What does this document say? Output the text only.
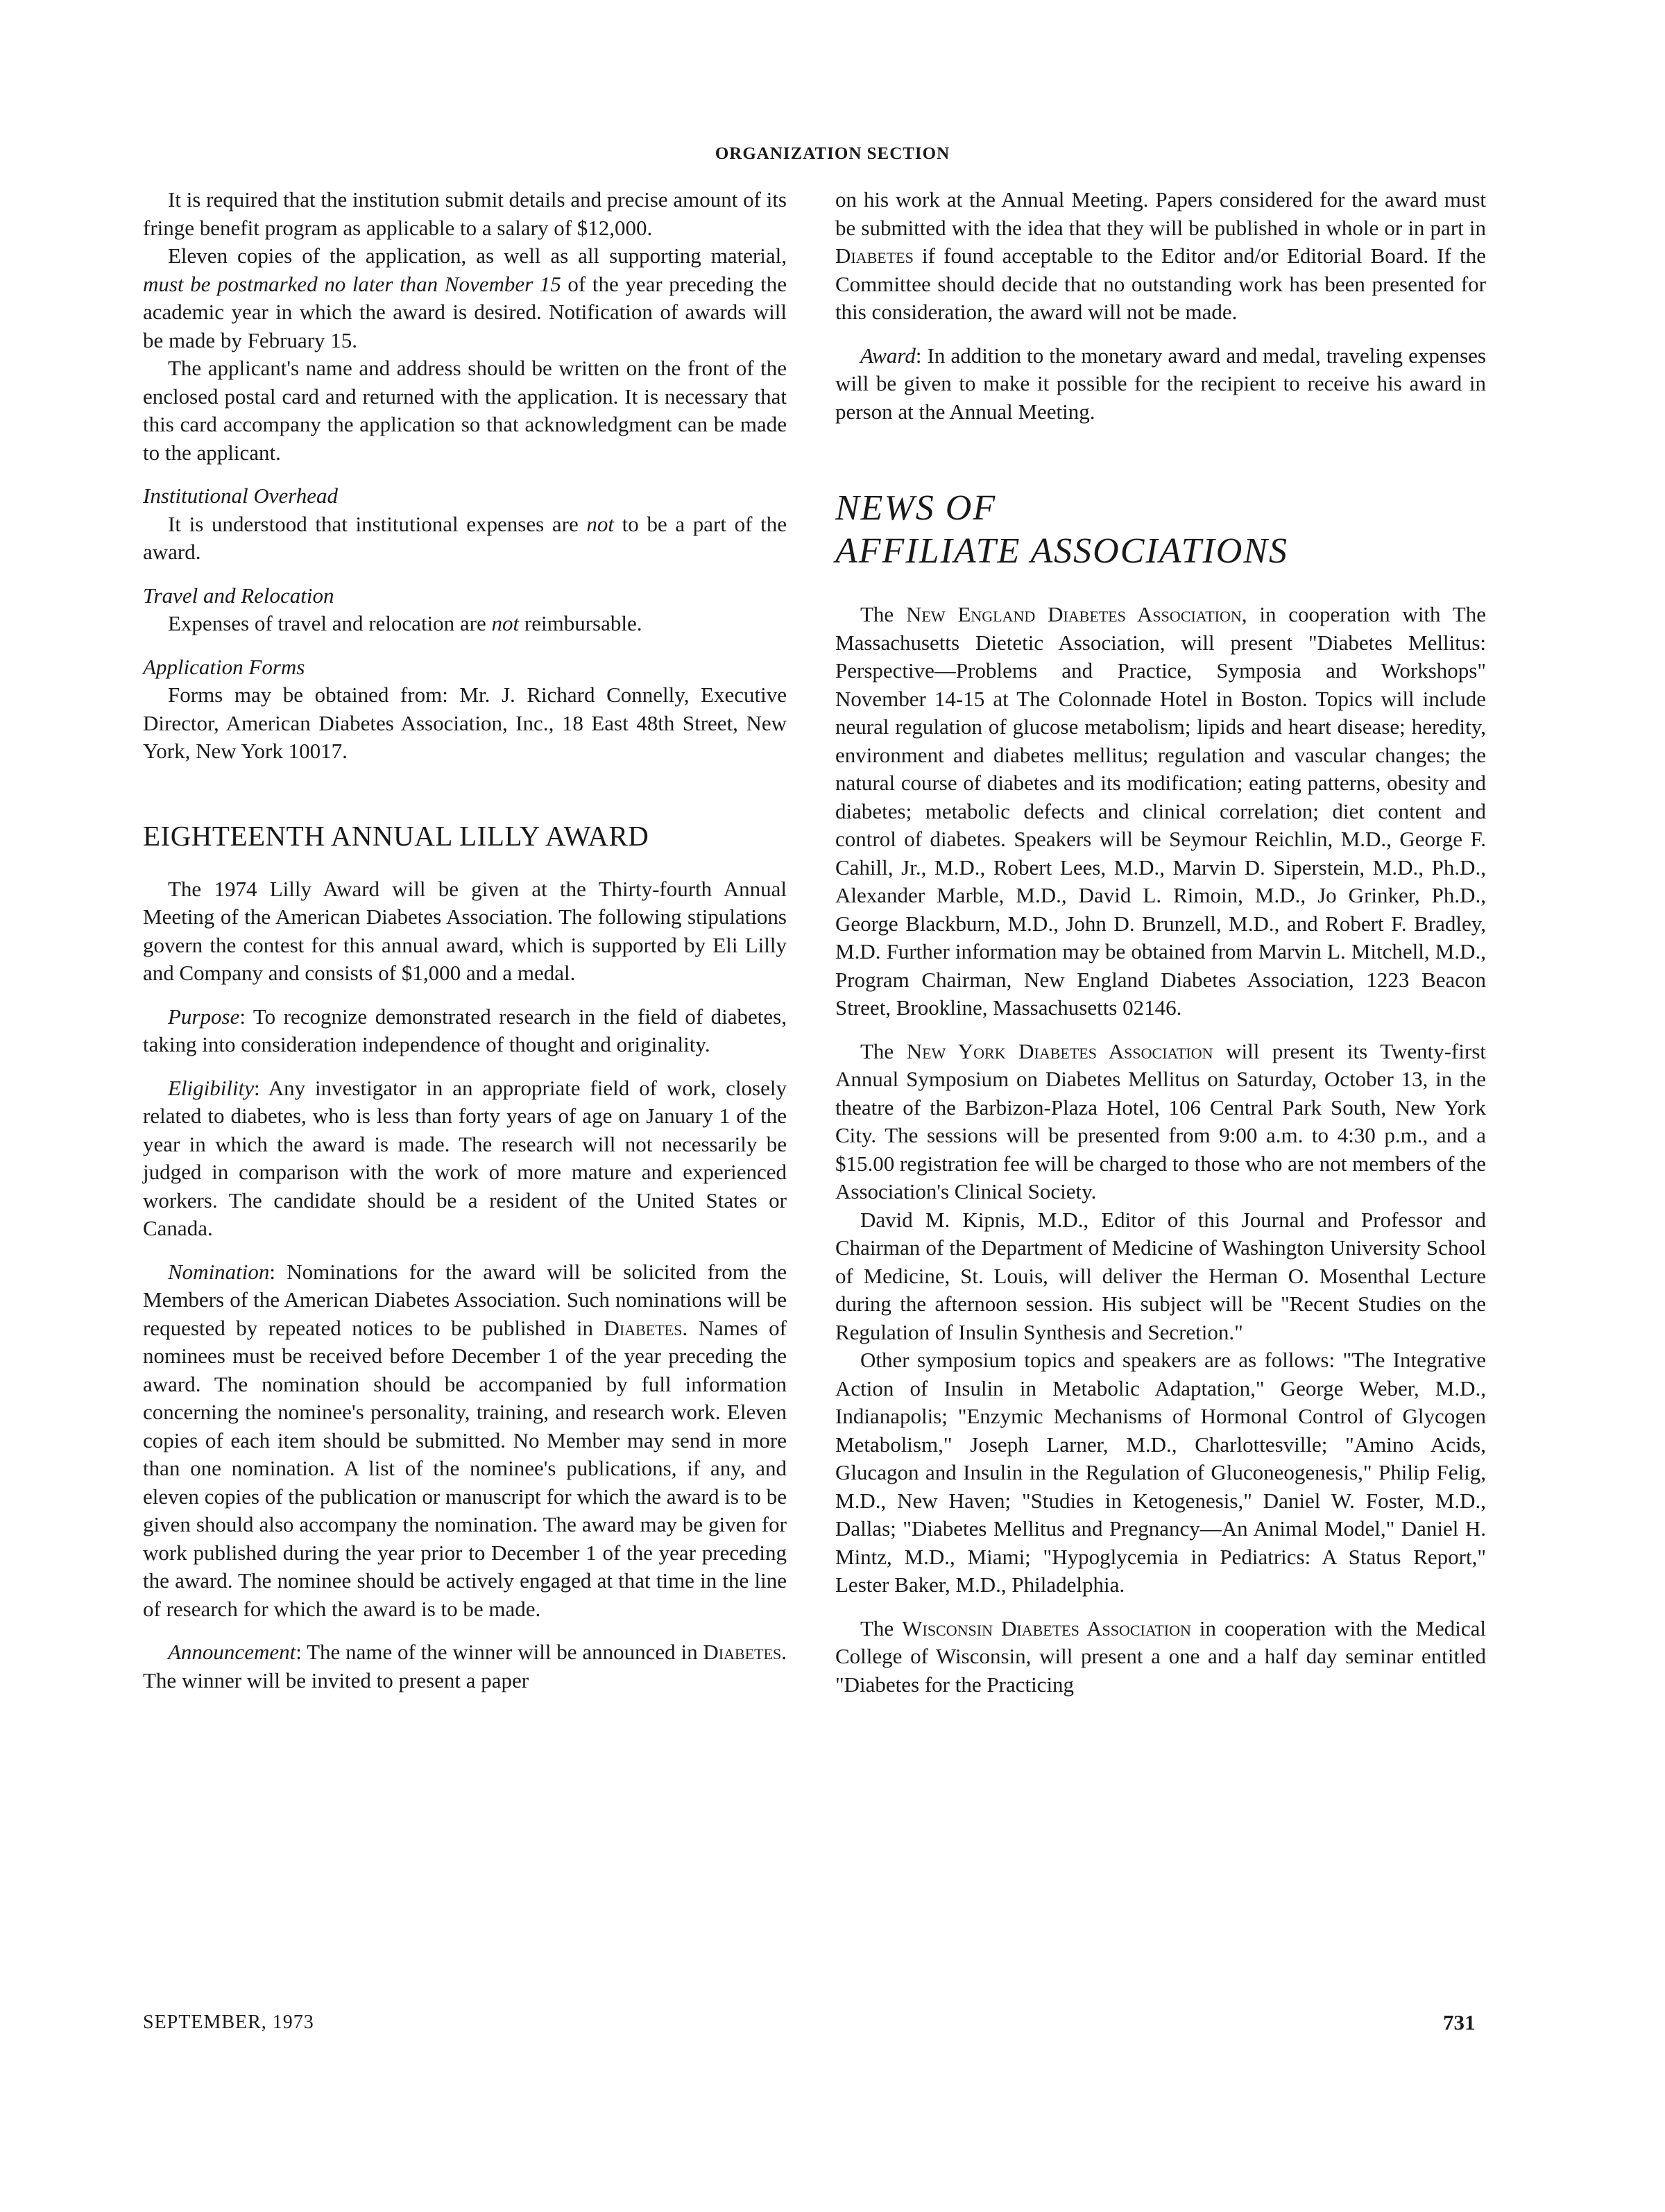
ORGANIZATION SECTION

It is required that the institution submit details and precise amount of its fringe benefit program as applicable to a salary of $12,000.

Eleven copies of the application, as well as all supporting material, must be postmarked no later than November 15 of the year preceding the academic year in which the award is desired. Notification of awards will be made by February 15.

The applicant's name and address should be written on the front of the enclosed postal card and returned with the application. It is necessary that this card accompany the application so that acknowledgment can be made to the applicant.

Institutional Overhead

It is understood that institutional expenses are not to be a part of the award.

Travel and Relocation

Expenses of travel and relocation are not reimbursable.

Application Forms

Forms may be obtained from: Mr. J. Richard Connelly, Executive Director, American Diabetes Association, Inc., 18 East 48th Street, New York, New York 10017.

EIGHTEENTH ANNUAL LILLY AWARD

The 1974 Lilly Award will be given at the Thirty-fourth Annual Meeting of the American Diabetes Association. The following stipulations govern the contest for this annual award, which is supported by Eli Lilly and Company and consists of $1,000 and a medal.

Purpose: To recognize demonstrated research in the field of diabetes, taking into consideration independence of thought and originality.

Eligibility: Any investigator in an appropriate field of work, closely related to diabetes, who is less than forty years of age on January 1 of the year in which the award is made. The research will not necessarily be judged in comparison with the work of more mature and experienced workers. The candidate should be a resident of the United States or Canada.

Nomination: Nominations for the award will be solicited from the Members of the American Diabetes Association. Such nominations will be requested by repeated notices to be published in Diabetes. Names of nominees must be received before December 1 of the year preceding the award. The nomination should be accompanied by full information concerning the nominee's personality, training, and research work. Eleven copies of each item should be submitted. No Member may send in more than one nomination. A list of the nominee's publications, if any, and eleven copies of the publication or manuscript for which the award is to be given should also accompany the nomination. The award may be given for work published during the year prior to December 1 of the year preceding the award. The nominee should be actively engaged at that time in the line of research for which the award is to be made.

Announcement: The name of the winner will be announced in Diabetes. The winner will be invited to present a paper

on his work at the Annual Meeting. Papers considered for the award must be submitted with the idea that they will be published in whole or in part in Diabetes if found acceptable to the Editor and/or Editorial Board. If the Committee should decide that no outstanding work has been presented for this consideration, the award will not be made.

Award: In addition to the monetary award and medal, traveling expenses will be given to make it possible for the recipient to receive his award in person at the Annual Meeting.

NEWS OF
AFFILIATE ASSOCIATIONS

The New England Diabetes Association, in cooperation with The Massachusetts Dietetic Association, will present "Diabetes Mellitus: Perspective—Problems and Practice, Symposia and Workshops" November 14-15 at The Colonnade Hotel in Boston. Topics will include neural regulation of glucose metabolism; lipids and heart disease; heredity, environment and diabetes mellitus; regulation and vascular changes; the natural course of diabetes and its modification; eating patterns, obesity and diabetes; metabolic defects and clinical correlation; diet content and control of diabetes. Speakers will be Seymour Reichlin, M.D., George F. Cahill, Jr., M.D., Robert Lees, M.D., Marvin D. Siperstein, M.D., Ph.D., Alexander Marble, M.D., David L. Rimoin, M.D., Jo Grinker, Ph.D., George Blackburn, M.D., John D. Brunzell, M.D., and Robert F. Bradley, M.D. Further information may be obtained from Marvin L. Mitchell, M.D., Program Chairman, New England Diabetes Association, 1223 Beacon Street, Brookline, Massachusetts 02146.

The New York Diabetes Association will present its Twenty-first Annual Symposium on Diabetes Mellitus on Saturday, October 13, in the theatre of the Barbizon-Plaza Hotel, 106 Central Park South, New York City. The sessions will be presented from 9:00 a.m. to 4:30 p.m., and a $15.00 registration fee will be charged to those who are not members of the Association's Clinical Society.

David M. Kipnis, M.D., Editor of this Journal and Professor and Chairman of the Department of Medicine of Washington University School of Medicine, St. Louis, will deliver the Herman O. Mosenthal Lecture during the afternoon session. His subject will be "Recent Studies on the Regulation of Insulin Synthesis and Secretion."

Other symposium topics and speakers are as follows: "The Integrative Action of Insulin in Metabolic Adaptation," George Weber, M.D., Indianapolis; "Enzymic Mechanisms of Hormonal Control of Glycogen Metabolism," Joseph Larner, M.D., Charlottesville; "Amino Acids, Glucagon and Insulin in the Regulation of Gluconeogenesis," Philip Felig, M.D., New Haven; "Studies in Ketogenesis," Daniel W. Foster, M.D., Dallas; "Diabetes Mellitus and Pregnancy—An Animal Model," Daniel H. Mintz, M.D., Miami; "Hypoglycemia in Pediatrics: A Status Report," Lester Baker, M.D., Philadelphia.

The Wisconsin Diabetes Association in cooperation with the Medical College of Wisconsin, will present a one and a half day seminar entitled "Diabetes for the Practicing

SEPTEMBER, 1973	731
